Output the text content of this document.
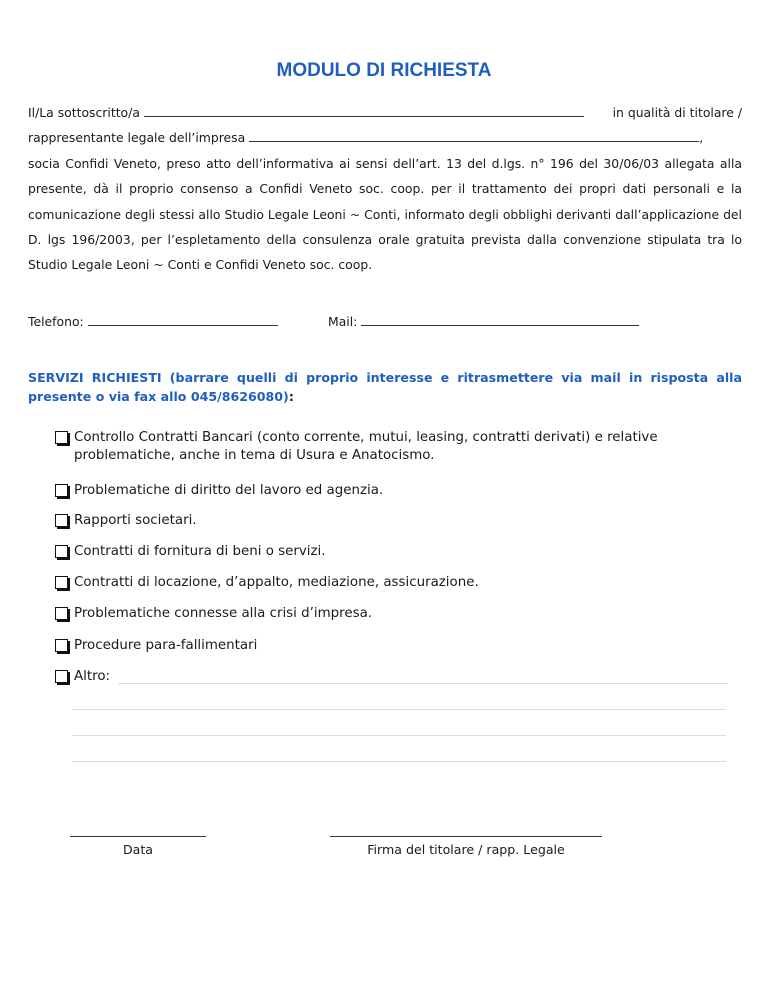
MODULO DI RICHIESTA

Il/La sottoscritto/a	in qualità di titolare /

rappresentante legale dell’impresa	,

socia Confidi Veneto, preso atto dell’informativa ai sensi dell’art. 13 del d.lgs. n° 196 del 30/06/03 allegata alla presente, dà il proprio consenso a Confidi Veneto soc. coop. per il trattamento dei propri dati personali e la comunicazione degli stessi allo Studio Legale Leoni ~ Conti, informato degli obblighi derivanti dall’applicazione del D. lgs 196/2003, per l’espletamento della consulenza orale gratuita prevista dalla convenzione stipulata tra lo Studio Legale Leoni ~ Conti e Confidi Veneto soc. coop.

Telefono:	Mail:
SERVIZI RICHIESTI (barrare quelli di proprio interesse e ritrasmettere via mail in risposta alla presente o via fax allo 045/8626080):
Controllo Contratti Bancari (conto corrente, mutui, leasing, contratti derivati) e relative problematiche, anche in tema di Usura e Anatocismo.
Problematiche di diritto del lavoro ed agenzia.
Rapporti societari.
Contratti di fornitura di beni o servizi.
Contratti di locazione, d’appalto, mediazione, assicurazione.
Problematiche connesse alla crisi d’impresa.
Procedure para-fallimentari
Altro:
Data	Firma del titolare / rapp. Legale
